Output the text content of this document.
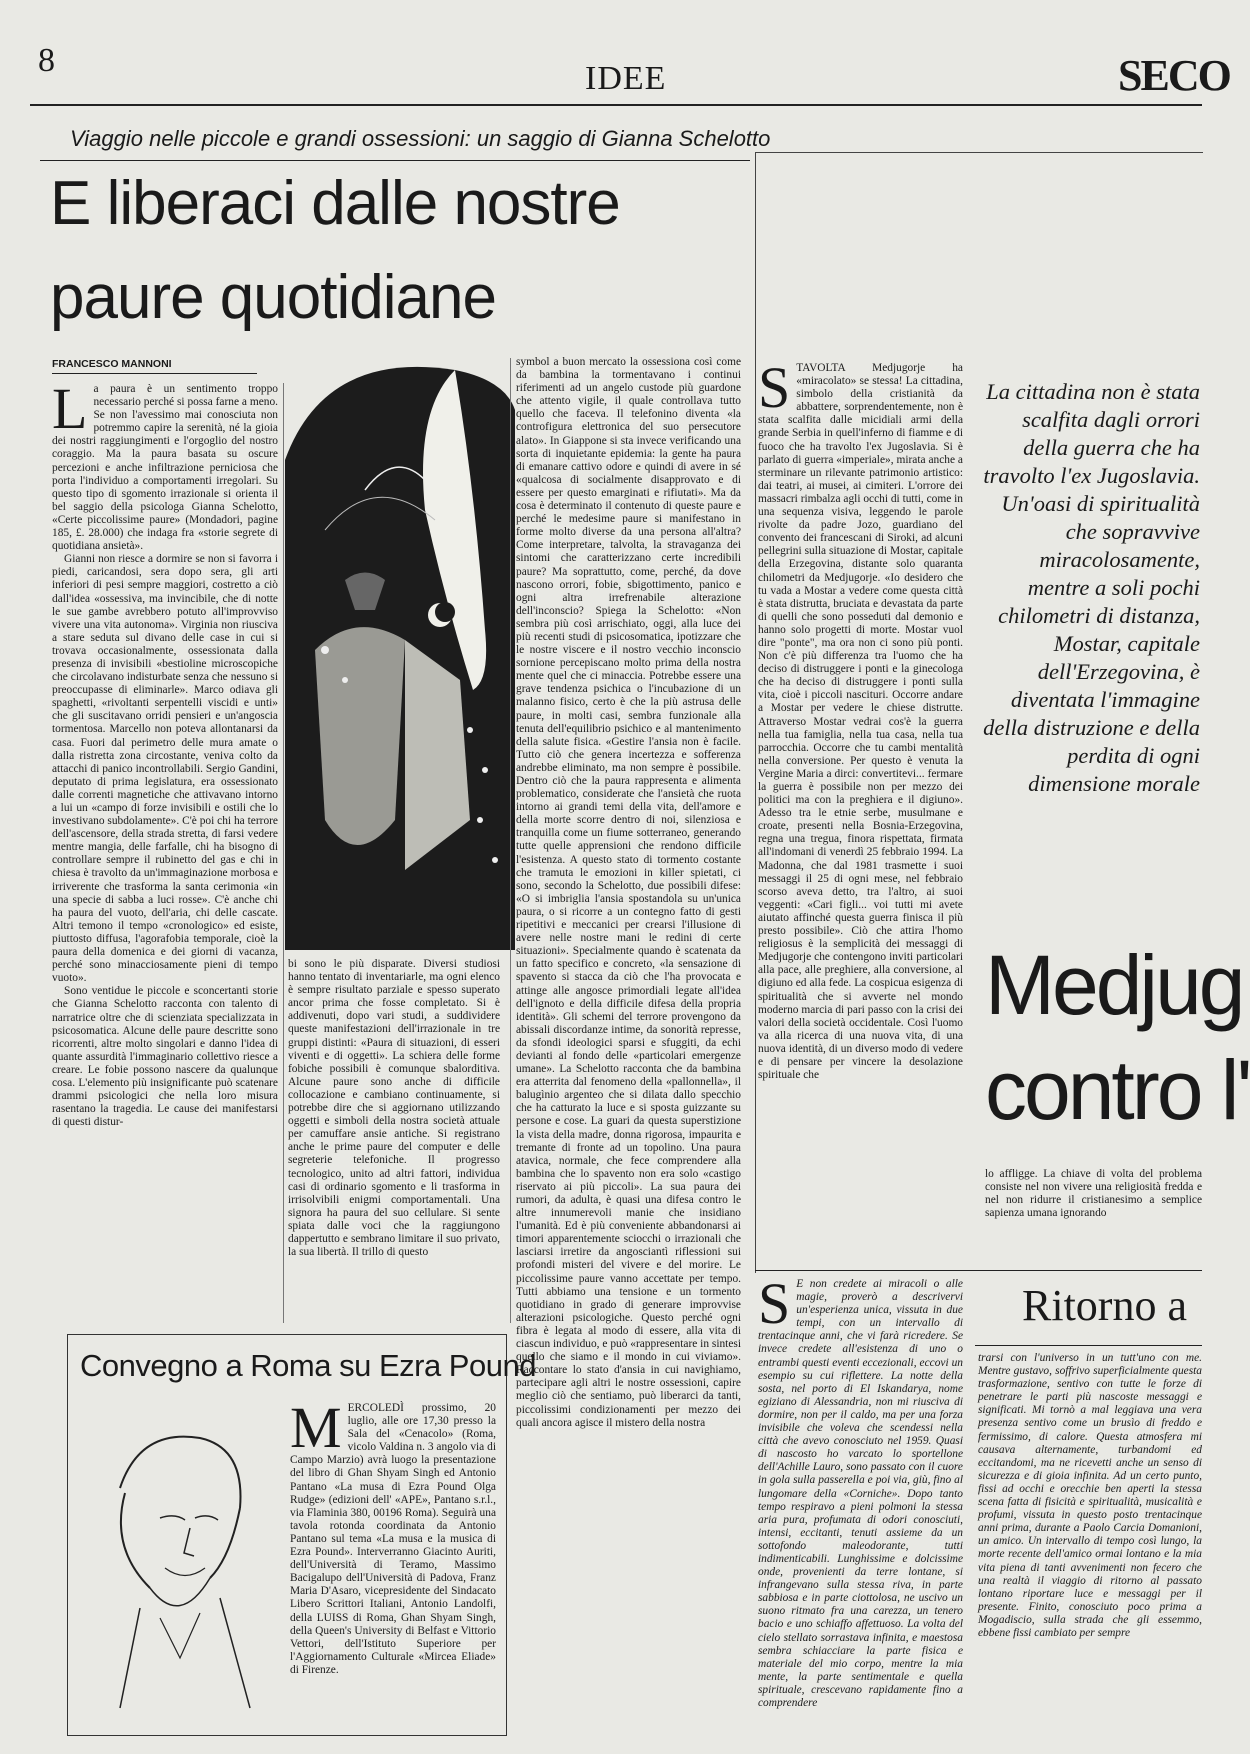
8	IDEE	SECO
Viaggio nelle piccole e grandi ossessioni: un saggio di Gianna Schelotto
E liberaci dalle nostre
paure quotidiane
FRANCESCO MANNONI

La paura è un sentimento troppo necessario perché si possa farne a meno. Se non l'avessimo mai conosciuta non potremmo capire la serenità, né la gioia dei nostri raggiungimenti e l'orgoglio del nostro coraggio. Ma la paura basata su oscure percezioni e anche infiltrazione perniciosa che porta l'individuo a comportamenti irregolari. Su questo tipo di sgomento irrazionale si orienta il bel saggio della psicologa Gianna Schelotto, «Certe piccolissime paure» (Mondadori, pagine 185, £. 28.000) che indaga fra «storie segrete di quotidiana ansietà».

Gianni non riesce a dormire se non si favorra i piedi, caricandosi, sera dopo sera, gli arti inferiori di pesi sempre maggiori, costretto a ciò dall'idea «ossessiva, ma invincibile, che di notte le sue gambe avrebbero potuto all'improvviso vivere una vita autonoma». Virginia non riusciva a stare seduta sul divano delle case in cui si trovava occasionalmente, ossessionata dalla presenza di invisibili «bestioline microscopiche che circolavano indisturbate senza che nessuno si preoccupasse di eliminarle». Marco odiava gli spaghetti, «rivoltanti serpentelli viscidi e unti» che gli suscitavano orridi pensieri e un'angoscia tormentosa. Marcello non poteva allontanarsi da casa. Fuori dal perimetro delle mura amate o dalla ristretta zona circostante, veniva colto da attacchi di panico incontrollabili. Sergio Gandini, deputato di prima legislatura, era ossessionato dalle correnti magnetiche che attivavano intorno a lui un «campo di forze invisibili e ostili che lo investivano subdolamente». C'è poi chi ha terrore dell'ascensore, della strada stretta, di farsi vedere mentre mangia, delle farfalle, chi ha bisogno di controllare sempre il rubinetto del gas e chi in chiesa è travolto da un'immaginazione morbosa e irriverente che trasforma la santa cerimonia «in una specie di sabba a luci rosse». C'è anche chi ha paura del vuoto, dell'aria, chi delle cascate. Altri temono il tempo «cronologico» ed esiste, piuttosto diffusa, l'agorafobia temporale, cioè la paura della domenica e dei giorni di vacanza, perché sono minacciosamente pieni di tempo vuoto».

Sono ventidue le piccole e sconcertanti storie che Gianna Schelotto racconta con talento di narratrice oltre che di scienziata specializzata in psicosomatica. Alcune delle paure descritte sono ricorrenti, altre molto singolari e danno l'idea di quante assurdità l'immaginario collettivo riesce a creare. Le fobie possono nascere da qualunque cosa. L'elemento più insignificante può scatenare drammi psicologici che nella loro misura rasentano la tragedia. Le cause dei manifestarsi di questi distur-

bi sono le più disparate. Diversi studiosi hanno tentato di inventariarle, ma ogni elenco è sempre risultato parziale e spesso superato ancor prima che fosse completato. Si è addivenuti, dopo vari studi, a suddividere queste manifestazioni dell'irrazionale in tre gruppi distinti: «Paura di situazioni, di esseri viventi e di oggetti». La schiera delle forme fobiche possibili è comunque sbalorditiva. Alcune paure sono anche di difficile collocazione e cambiano continuamente, si potrebbe dire che si aggiornano utilizzando oggetti e simboli della nostra società attuale per camuffare ansie antiche. Si registrano anche le prime paure del computer e delle segreterie telefoniche. Il progresso tecnologico, unito ad altri fattori, individua casi di ordinario sgomento e li trasforma in irrisolvibili enigmi comportamentali. Una signora ha paura del suo cellulare. Si sente spiata dalle voci che la raggiungono dappertutto e sembrano limitare il suo privato, la sua libertà. Il trillo di questo

symbol a buon mercato la ossessiona così come da bambina la tormentavano i continui riferimenti ad un angelo custode più guardone che attento vigile, il quale controllava tutto quello che faceva. Il telefonino diventa «la controfigura elettronica del suo persecutore alato». In Giappone si sta invece verificando una sorta di inquietante epidemia: la gente ha paura di emanare cattivo odore e quindi di avere in sé «qualcosa di socialmente disapprovato e di essere per questo emarginati e rifiutati». Ma da cosa è determinato il contenuto di queste paure e perché le medesime paure si manifestano in forme molto diverse da una persona all'altra? Come interpretare, talvolta, la stravaganza dei sintomi che caratterizzano certe incredibili paure? Ma soprattutto, come, perché, da dove nascono orrori, fobie, sbigottimento, panico e ogni altra irrefrenabile alterazione dell'inconscio? Spiega la Schelotto: «Non sembra più così arrischiato, oggi, alla luce dei più recenti studi di psicosomatica, ipotizzare che le nostre viscere e il nostro vecchio inconscio sornione percepiscano molto prima della nostra mente quel che ci minaccia. Potrebbe essere una grave tendenza psichica o l'incubazione di un malanno fisico, certo è che la più astrusa delle paure, in molti casi, sembra funzionale alla tenuta dell'equilibrio psichico e al mantenimento della salute fisica. «Gestire l'ansia non è facile. Tutto ciò che genera incertezza e sofferenza andrebbe eliminato, ma non sempre è possibile. Dentro ciò che la paura rappresenta e alimenta problematico, considerate che l'ansietà che ruota intorno ai grandi temi della vita, dell'amore e della morte scorre dentro di noi, silenziosa e tranquilla come un fiume sotterraneo, generando tutte quelle apprensioni che rendono difficile l'esistenza. A questo stato di tormento costante che tramuta le emozioni in killer spietati, ci sono, secondo la Schelotto, due possibili difese: «O si imbriglia l'ansia spostandola su un'unica paura, o si ricorre a un contegno fatto di gesti ripetitivi e meccanici per crearsi l'illusione di avere nelle nostre mani le redini di certe situazioni». Specialmente quando è scatenata da un fatto specifico e concreto, «la sensazione di spavento si stacca da ciò che l'ha provocata e attinge alle angosce primordiali legate all'idea dell'ignoto e della difficile difesa della propria identità». Gli schemi del terrore provengono da abissali discordanze intime, da sonorità represse, da sfondi ideologici sparsi e sfuggiti, da echi devianti al fondo delle «particolari emergenze umane». La Schelotto racconta che da bambina era atterrita dal fenomeno della «pallonnella», il balugìnio argenteo che si dilata dallo specchio che ha catturato la luce e si sposta guizzante su persone e cose. La guari da questa superstizione la vista della madre, donna rigorosa, impaurita e tremante di fronte ad un topolino. Una paura atavica, normale, che fece comprendere alla bambina che lo spavento non era solo «castigo riservato ai più piccoli». La sua paura dei rumori, da adulta, è quasi una difesa contro le altre innumerevoli manie che insidiano l'umanità. Ed è più conveniente abbandonarsi ai timori apparentemente sciocchi o irrazionali che lasciarsi irretire da angosciantì riflessioni sui profondi misteri del vivere e del morire. Le piccolissime paure vanno accettate per tempo. Tutti abbiamo una tensione e un tormento quotidiano in grado di generare improvvise alterazioni psicologiche. Questo perché ogni fibra è legata al modo di essere, alla vita di ciascun individuo, e può «rappresentare in sintesi quello che siamo e il mondo in cui viviamo». Raccontare lo stato d'ansia in cui navighiamo, partecipare agli altri le nostre ossessioni, capire meglio ciò che sentiamo, può liberarci da tanti, piccolissimi condizionamenti per mezzo dei quali ancora agisce il mistero della nostra

Convegno a Roma su Ezra Pound

MERCOLEDÌ prossimo, 20 luglio, alle ore 17,30 presso la Sala del «Cenacolo» (Roma, vicolo Valdina n. 3 angolo via di Campo Marzio) avrà luogo la presentazione del libro di Ghan Shyam Singh ed Antonio Pantano «La musa di Ezra Pound Olga Rudge» (edizioni dell' «APE», Pantano s.r.l., via Flaminia 380, 00196 Roma). Seguirà una tavola rotonda coordinata da Antonio Pantano sul tema «La musa e la musica di Ezra Pound». Interverranno Giacinto Auriti, dell'Università di Teramo, Massimo Bacigalupo dell'Università di Padova, Franz Maria D'Asaro, vicepresidente del Sindacato Libero Scrittori Italiani, Antonio Landolfi, della LUISS di Roma, Ghan Shyam Singh, della Queen's University di Belfast e Vittorio Vettori, dell'Istituto Superiore per l'Aggiornamento Culturale «Mircea Eliade» di Firenze.

STAVOLTA Medjugorje ha «miracolato» se stessa! La cittadina, simbolo della cristianità da abbattere, sorprendentemente, non è stata scalfita dalle micidiali armi della grande Serbia in quell'inferno di fiamme e di fuoco che ha travolto l'ex Jugoslavia. Si è parlato di guerra «imperiale», mirata anche a sterminare un rilevante patrimonio artistico: dai teatri, ai musei, ai cimiteri. L'orrore dei massacri rimbalza agli occhi di tutti, come in una sequenza visiva, leggendo le parole rivolte da padre Jozo, guardiano del convento dei francescani di Siroki, ad alcuni pellegrini sulla situazione di Mostar, capitale della Erzegovina, distante solo quaranta chilometri da Medjugorje. «Io desidero che tu vada a Mostar a vedere come questa città è stata distrutta, bruciata e devastata da parte di quelli che sono posseduti dal demonio e hanno solo progetti di morte. Mostar vuol dire "ponte", ma ora non ci sono più ponti. Non c'è più differenza tra l'uomo che ha deciso di distruggere i ponti e la ginecologa che ha deciso di distruggere i ponti sulla vita, cioè i piccoli nascituri. Occorre andare a Mostar per vedere le chiese distrutte. Attraverso Mostar vedrai cos'è la guerra nella tua famiglia, nella tua casa, nella tua parrocchia. Occorre che tu cambi mentalità nella conversione. Per questo è venuta la Vergine Maria a dirci: convertitevi... fermare la guerra è possibile non per mezzo dei politici ma con la preghiera e il digiuno». Adesso tra le etnie serbe, musulmane e croate, presenti nella Bosnia-Erzegovina, regna una tregua, finora rispettata, firmata all'indomani di venerdì 25 febbraio 1994. La Madonna, che dal 1981 trasmette i suoi messaggi il 25 di ogni mese, nel febbraio scorso aveva detto, tra l'altro, ai suoi veggenti: «Cari figli... voi tutti mi avete aiutato affinché questa guerra finisca il più presto possibile». Ciò che attira l'homo religiosus è la semplicità dei messaggi di Medjugorje che contengono inviti particolari alla pace, alle preghiere, alla conversione, al digiuno ed alla fede. La cospicua esigenza di spiritualità che si avverte nel mondo moderno marcia di pari passo con la crisi dei valori della società occidentale. Così l'uomo va alla ricerca di una nuova vita, di una nuova identità, di un diverso modo di vedere e di pensare per vincere la desolazione spirituale che

La cittadina non è stata scalfita dagli orrori della guerra che ha travolto l'ex Jugoslavia. Un'oasi di spiritualità che sopravvive miracolosamente, mentre a soli pochi chilometri di distanza, Mostar, capitale dell'Erzegovina, è diventata l'immagine della distruzione e della perdita di ogni dimensione morale
Medjug
contro l'

lo affligge. La chiave di volta del problema consiste nel non vivere una religiosità fredda e nel non ridurre il cristianesimo a semplice sapienza umana ignorando

S E non credete ai miracoli o alle magie, proverò a descrivervi un'esperienza unica, vissuta in due tempi, con un intervallo di trentacinque anni, che vi farà ricredere. Se invece credete all'esistenza di uno o entrambi questi eventi eccezionali, eccovi un esempio su cui riflettere. La notte della sosta, nel porto di El Iskandarya, nome egiziano di Alessandria, non mi riusciva di dormire, non per il caldo, ma per una forza invisibile che voleva che scendessi nella città che avevo conosciuto nel 1959. Quasi di nascosto ho varcato lo sportellone dell'Achille Lauro, sono passato con il cuore in gola sulla passerella e poi via, giù, fino al lungomare della «Corniche». Dopo tanto tempo respiravo a pieni polmoni la stessa aria pura, profumata di odori conosciuti, intensi, eccitanti, tenuti assieme da un sottofondo maleodorante, tutti indimenticabili. Lunghissime e dolcissime onde, provenienti da terre lontane, si infrangevano sulla stessa riva, in parte sabbiosa e in parte ciottolosa, ne uscivo un suono ritmato fra una carezza, un tenero bacio e uno schiaffo affettuoso. La volta del cielo stellato sorrastava infinita, e maestosa sembra schiacciare la parte fisica e materiale del mio corpo, mentre la mia mente, la parte sentimentale e quella spirituale, crescevano rapidamente fino a comprendere

Ritorno a

trarsi con l'universo in un tutt'uno con me. Mentre gustavo, soffrivo superficialmente questa trasformazione, sentivo con tutte le forze di penetrare le parti più nascoste messaggi e significati. Mi tornò a mal leggiava una vera presenza sentivo come un brusìo di freddo e fermissimo, di calore. Questa atmosfera mi causava alternamente, turbandomi ed eccitandomi, ma ne ricevetti anche un senso di sicurezza e di gioia infinita. Ad un certo punto, fissi ad occhi e orecchie ben aperti la stessa scena fatta di fisicità e spiritualità, musicalità e profumi, vissuta in questo posto trentacinque anni prima, durante a Paolo Carcia Domanioni, un amico. Un intervallo di tempo così lungo, la morte recente dell'amico ormai lontano e la mia vita piena di tanti avvenimenti non fecero che una realtà il viaggio di ritorno al passato lontano riportare luce e messaggi per il presente. Finito, conosciuto poco prima a Mogadiscio, sulla strada che gli essemmo, ebbene fissi cambiato per sempre
